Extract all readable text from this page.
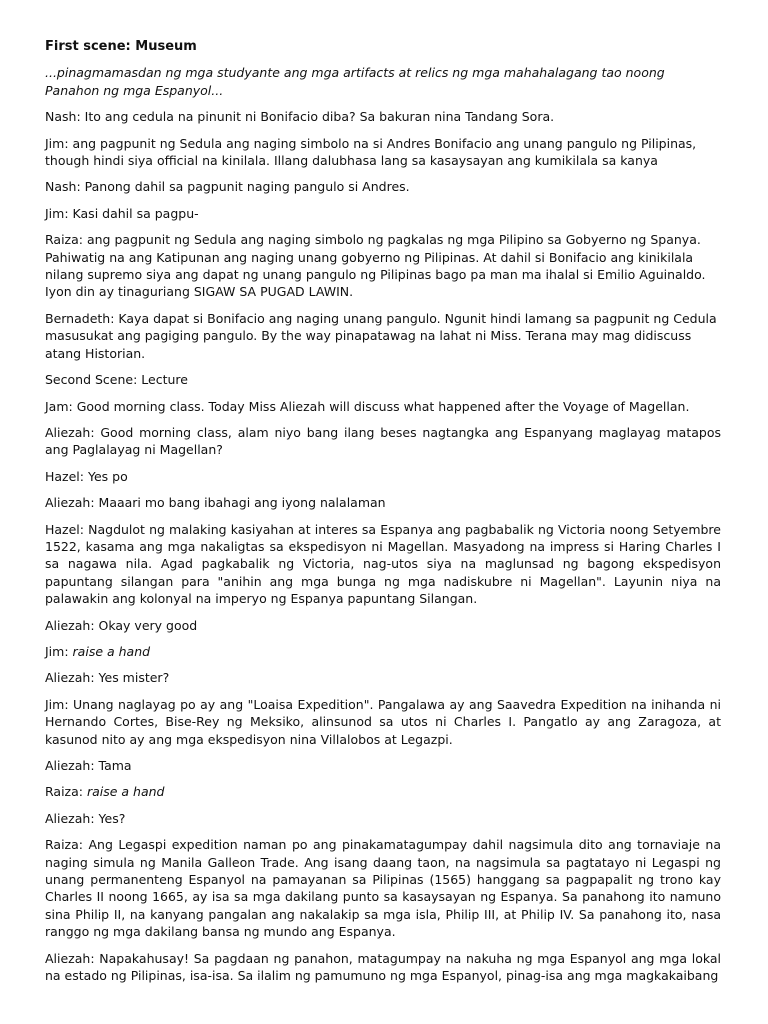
First scene: Museum

...pinagmamasdan ng mga studyante ang mga artifacts at relics ng mga mahahalagang tao noong Panahon ng mga Espanyol...

Nash: Ito ang cedula na pinunit ni Bonifacio diba? Sa bakuran nina Tandang Sora.

Jim: ang pagpunit ng Sedula ang naging simbolo na si Andres Bonifacio ang unang pangulo ng Pilipinas, though hindi siya official na kinilala. Illang dalubhasa lang sa kasaysayan ang kumikilala sa kanya

Nash: Panong dahil sa pagpunit naging pangulo si Andres.

Jim: Kasi dahil sa pagpu-

Raiza: ang pagpunit ng Sedula ang naging simbolo ng pagkalas ng mga Pilipino sa Gobyerno ng Spanya. Pahiwatig na ang Katipunan ang naging unang gobyerno ng Pilipinas. At dahil si Bonifacio ang kinikilala nilang supremo siya ang dapat ng unang pangulo ng Pilipinas bago pa man ma ihalal si Emilio Aguinaldo. Iyon din ay tinaguriang SIGAW SA PUGAD LAWIN.

Bernadeth: Kaya dapat si Bonifacio ang naging unang pangulo. Ngunit hindi lamang sa pagpunit ng Cedula masusukat ang pagiging pangulo. By the way pinapatawag na lahat ni Miss. Terana may mag didiscuss atang Historian.

Second Scene: Lecture

Jam: Good morning class. Today Miss Aliezah will discuss what happened after the Voyage of Magellan.

Aliezah: Good morning class, alam niyo bang ilang beses nagtangka ang Espanyang maglayag matapos ang Paglalayag ni Magellan?

Hazel: Yes po

Aliezah: Maaari mo bang ibahagi ang iyong nalalaman

Hazel: Nagdulot ng malaking kasiyahan at interes sa Espanya ang pagbabalik ng Victoria noong Setyembre 1522, kasama ang mga nakaligtas sa ekspedisyon ni Magellan. Masyadong na impress si Haring Charles I sa nagawa nila. Agad pagkabalik ng Victoria, nag-utos siya na maglunsad ng bagong ekspedisyon papuntang silangan para "anihin ang mga bunga ng mga nadiskubre ni Magellan". Layunin niya na palawakin ang kolonyal na imperyo ng Espanya papuntang Silangan.

Aliezah: Okay very good

Jim: raise a hand

Aliezah: Yes mister?

Jim: Unang naglayag po ay ang "Loaisa Expedition". Pangalawa ay ang Saavedra Expedition na inihanda ni Hernando Cortes, Bise-Rey ng Meksiko, alinsunod sa utos ni Charles I. Pangatlo ay ang Zaragoza, at kasunod nito ay ang mga ekspedisyon nina Villalobos at Legazpi.

Aliezah: Tama

Raiza: raise a hand

Aliezah: Yes?

Raiza: Ang Legaspi expedition naman po ang pinakamatagumpay dahil nagsimula dito ang tornaviaje na naging simula ng Manila Galleon Trade. Ang isang daang taon, na nagsimula sa pagtatayo ni Legaspi ng unang permanenteng Espanyol na pamayanan sa Pilipinas (1565) hanggang sa pagpapalit ng trono kay Charles II noong 1665, ay isa sa mga dakilang punto sa kasaysayan ng Espanya. Sa panahong ito namuno sina Philip II, na kanyang pangalan ang nakalakip sa mga isla, Philip III, at Philip IV. Sa panahong ito, nasa ranggo ng mga dakilang bansa ng mundo ang Espanya.

Aliezah: Napakahusay! Sa pagdaan ng panahon, matagumpay na nakuha ng mga Espanyol ang mga lokal na estado ng Pilipinas, isa-isa. Sa ilalim ng pamumuno ng mga Espanyol, pinag-isa ang mga magkakaibang
